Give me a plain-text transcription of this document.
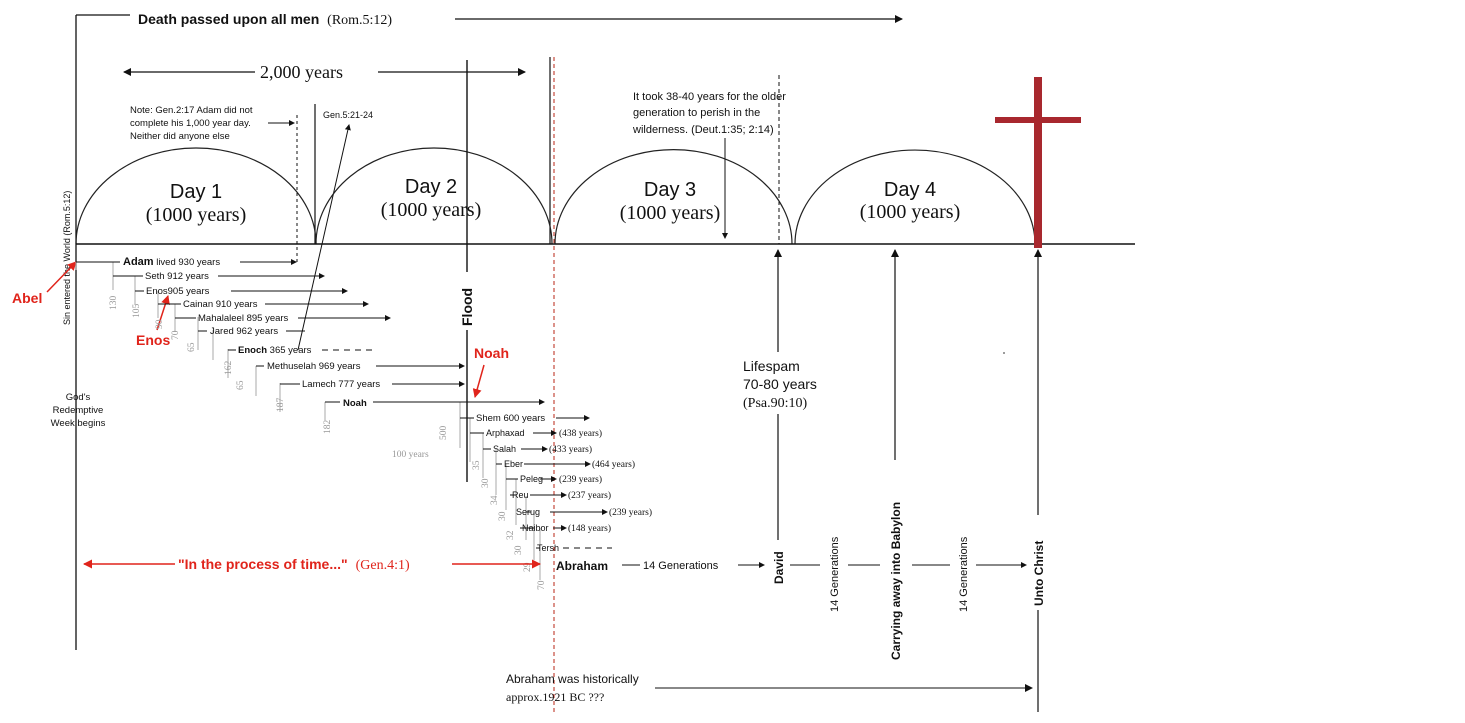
Death passed upon all men (Rom.5:12)
2,000 years
Note: Gen.2:17 Adam did not
complete his 1,000 year day.
Neither did anyone else
Gen.5:21-24
It took 38-40 years for the older
generation to perish in the
wilderness. (Deut.1:35; 2:14)
Day 1
(1000 years)
Day 2
(1000 years)
Day 3
(1000 years)
Day 4
(1000 years)
Sin entered the World (Rom.5:12)
Abel
Enos
God's
Redemptive
Week begins
130
105
90
70
65
162
65
187
182	500
100 years
35
30
34
30
32
30
29
70
Adam lived 930 years
Seth 912 years
Enos905 years
Cainan 910 years
Mahalaleel 895 years
Jared 962 years
Enoch 365 years
Methuselah 969 years
Lamech 777 years
Noah
Shem 600 years
Arphaxad
Salah
Eber
Peleg
Reu
Serug
Naibor
Tersh
(438 years)
(433 years)
(464 years)
(239 years)
(237 years)
(239 years)
(148 years)
Flood
Noah
"In the process of time..." (Gen.4:1)	Abraham	14 Generations	David	14 Generations	Carrying away into Babylon	14 Generations	Unto Christ
Lifespam
70-80 years
(Psa.90:10)
Abraham was historically
approx.1921 BC ???
